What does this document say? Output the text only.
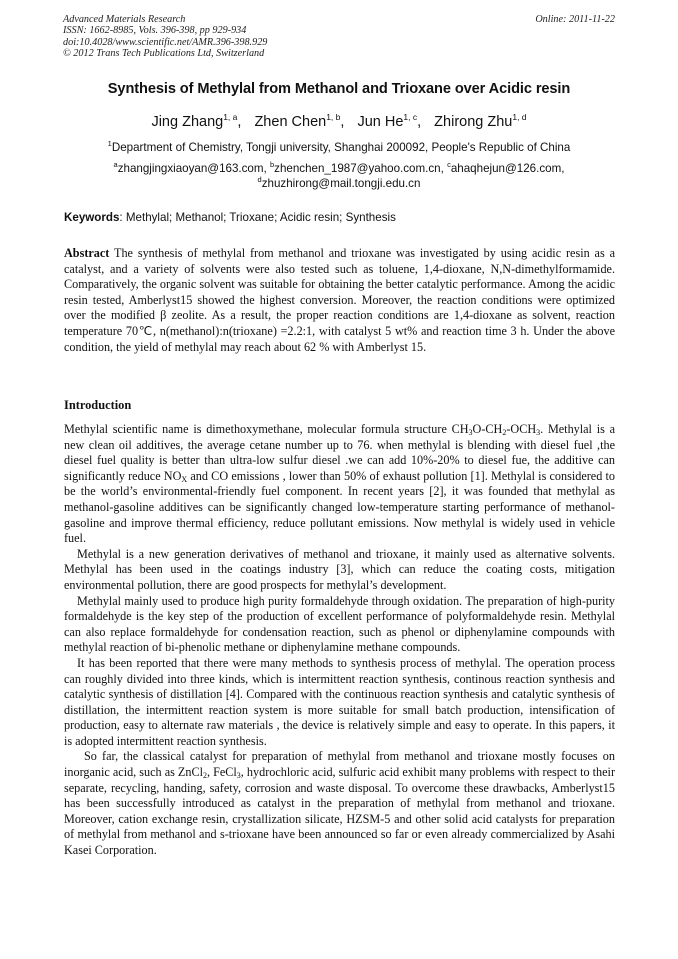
Advanced Materials Research
ISSN: 1662-8985, Vols. 396-398, pp 929-934
doi:10.4028/www.scientific.net/AMR.396-398.929
© 2012 Trans Tech Publications Ltd, Switzerland
Online: 2011-11-22
Synthesis of Methylal from Methanol and Trioxane over Acidic resin
Jing Zhang$^{1, a}$, Zhen Chen$^{1, b}$, Jun He$^{1, c}$, Zhirong Zhu$^{1, d}$
$^1$Department of Chemistry, Tongji university, Shanghai 200092, People's Republic of China
$^a$zhangjingxiaoyan@163.com, $^b$zhenchen_1987@yahoo.com.cn, $^c$ahaqhejun@126.com,
$^d$zhuzhirong@mail.tongji.edu.cn
Keywords: Methylal; Methanol; Trioxane; Acidic resin; Synthesis
Abstract The synthesis of methylal from methanol and trioxane was investigated by using acidic resin as a catalyst, and a variety of solvents were also tested such as toluene, 1,4-dioxane, N,N-dimethylformamide. Comparatively, the organic solvent was suitable for obtaining the better catalytic performance. Among the acidic resin tested, Amberlyst15 showed the highest conversion. Moreover, the reaction conditions were optimized over the modified β zeolite. As a result, the proper reaction conditions are 1,4-dioxane as solvent, reaction temperature 70℃, n(methanol):n(trioxane) =2.2:1, with catalyst 5 wt% and reaction time 3 h. Under the above condition, the yield of methylal may reach about 62 % with Amberlyst 15.
Introduction

Methylal scientific name is dimethoxymethane, molecular formula structure $CH_3O-CH_2-OCH_3$. Methylal is a new clean oil additives, the average cetane number up to 76. when methylal is blending with diesel fuel ,the diesel fuel quality is better than ultra-low sulfur diesel .we can add 10%-20% to diesel fue, the additive can significantly reduce $NO_X$ and CO emissions , lower than 50% of exhaust pollution [1]. Methylal is considered to be the world’s environmental-friendly fuel component. In recent years [2], it was founded that methylal as methanol-gasoline additives can be significantly changed low-temperature starting performance of methanol-gasoline and improve thermal efficiency, reduce pollutant emissions. Now methylal is widely used in vehicle fuel.

Methylal is a new generation derivatives of methanol and trioxane, it mainly used as alternative solvents. Methylal has been used in the coatings industry [3], which can reduce the coating costs, mitigation environmental pollution, there are good prospects for methylal’s development.

Methylal mainly used to produce high purity formaldehyde through oxidation. The preparation of high-purity formaldehyde is the key step of the production of excellent performance of polyformaldehyde resin. Methylal can also replace formaldehyde for condensation reaction, such as phenol or diphenylamine compounds with methylal reaction of bi-phenolic methane or diphenylamine methane compounds.

It has been reported that there were many methods to synthesis process of methylal. The operation process can roughly divided into three kinds, which is intermittent reaction synthesis, continous reaction synthesis and catalytic synthesis of distillation [4]. Compared with the continuous reaction synthesis and catalytic synthesis of distillation, the intermittent reaction system is more suitable for small batch production, intensification of production, easy to alternate raw materials , the device is relatively simple and easy to operate. In this papers, it is adopted intermittent reaction synthesis.

So far, the classical catalyst for preparation of methylal from methanol and trioxane mostly focuses on inorganic acid, such as ZnCl$_2$, FeCl$_3$, hydrochloric acid, sulfuric acid exhibit many problems with respect to their separate, recycling, handing, safety, corrosion and waste disposal. To overcome these drawbacks, Amberlyst15 has been successfully introduced as catalyst in the preparation of methylal from methanol and trioxane. Moreover, cation exchange resin, crystallization silicate, HZSM-5 and other solid acid catalysts for preparation of methylal from methanol and s-trioxane have been announced so far or even already commercialized by Asahi Kasei Corporation.
